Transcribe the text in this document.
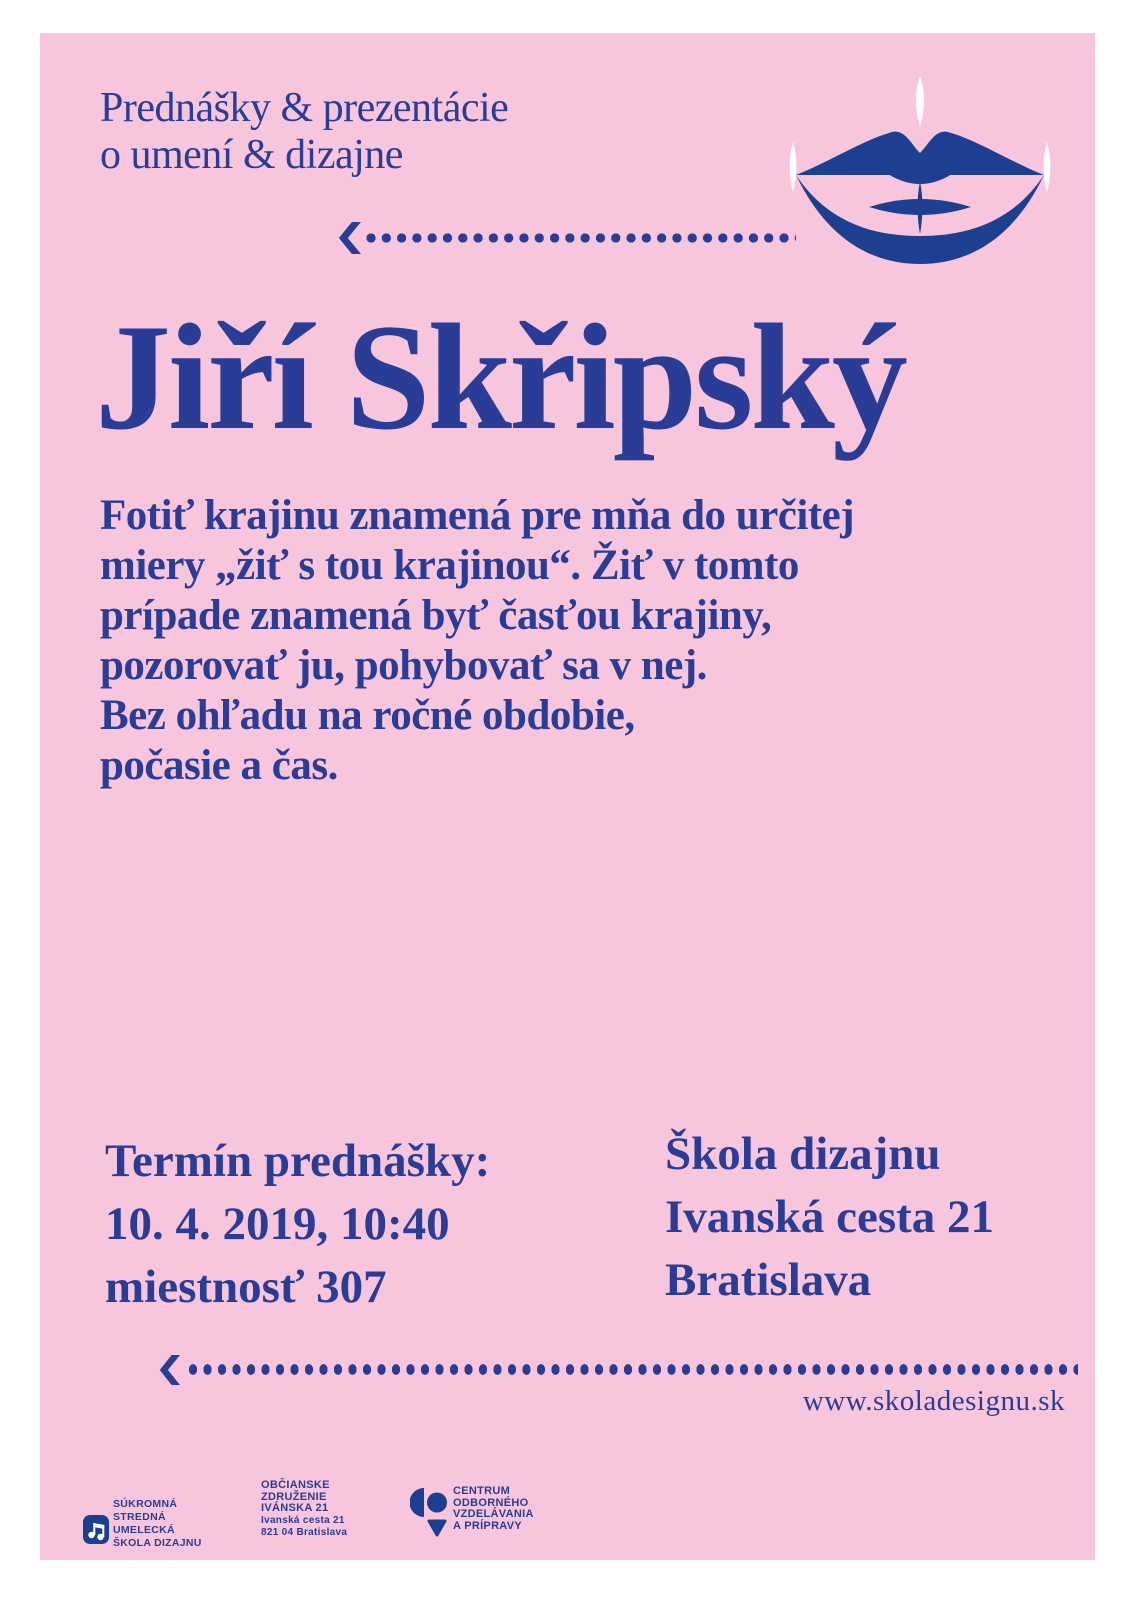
Prednášky & prezentácie
o umení & dizajne
Jiří Skřipský
Fotiť krajinu znamená pre mňa do určitej
miery „žiť s tou krajinou“. Žiť v tomto
prípade znamená byť časťou krajiny,
pozorovať ju, pohybovať sa v nej.
Bez ohľadu na ročné obdobie,
počasie a čas.
Termín prednášky:
10. 4. 2019, 10:40
miestnosť 307
Škola dizajnu
Ivanská cesta 21
Bratislava
www.skoladesignu.sk
SÚKROMNÁ
STREDNÁ
UMELECKÁ
ŠKOLA DIZAJNU
OBČIANSKE
ZDRUŽENIE
IVÁNSKA 21
Ivanská cesta 21
821 04 Bratislava
CENTRUM
ODBORNÉHO
VZDELÁVANIA
A PRÍPRAVY
